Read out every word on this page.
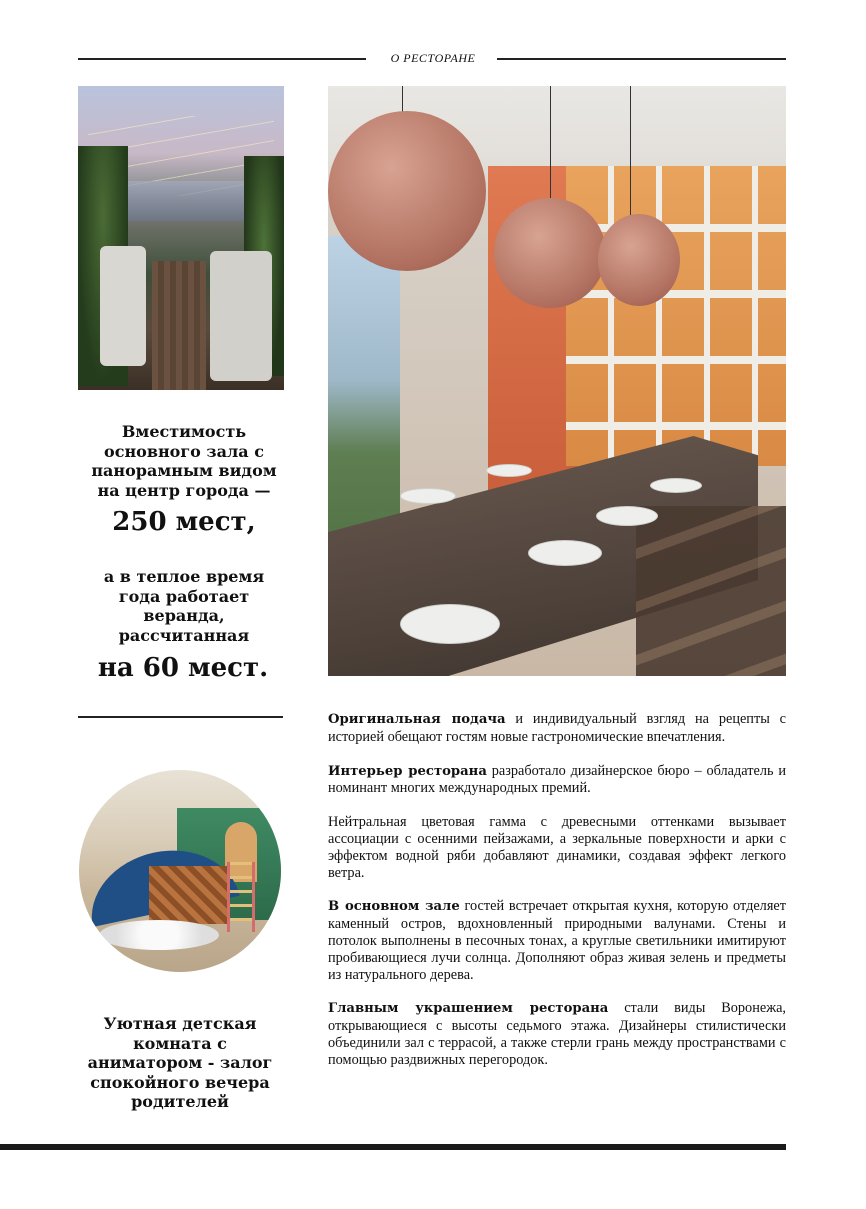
О РЕСТОРАНЕ
Вместимость основного зала с панорамным видом на центр города —
250 мест,
а в теплое время года работает веранда, рассчитанная
на 60 мест.
Уютная детская комната с аниматором - залог спокойного вечера родителей

Оригинальная подача и индивидуальный взгляд на рецепты с историей обещают гостям новые гастрономические впечатления.

Интерьер ресторана разработало дизайнерское бюро – обладатель и номинант многих международных премий.

Нейтральная цветовая гамма с древесными оттенками вызывает ассоциации с осенними пейзажами, а зеркальные поверхности и арки с эффектом водной ряби добавляют динамики, создавая эффект легкого ветра.

В основном зале гостей встречает открытая кухня, которую отделяет каменный остров, вдохновленный природными валунами. Стены и потолок выполнены в песочных тонах, а круглые светильники имитируют пробивающиеся лучи солнца. Дополняют образ живая зелень и предметы из натурального дерева.

Главным украшением ресторана стали виды Воронежа, открывающиеся с высоты седьмого этажа. Дизайнеры стилистически объединили зал с террасой, а также стерли грань между пространствами с помощью раздвижных перегородок.
